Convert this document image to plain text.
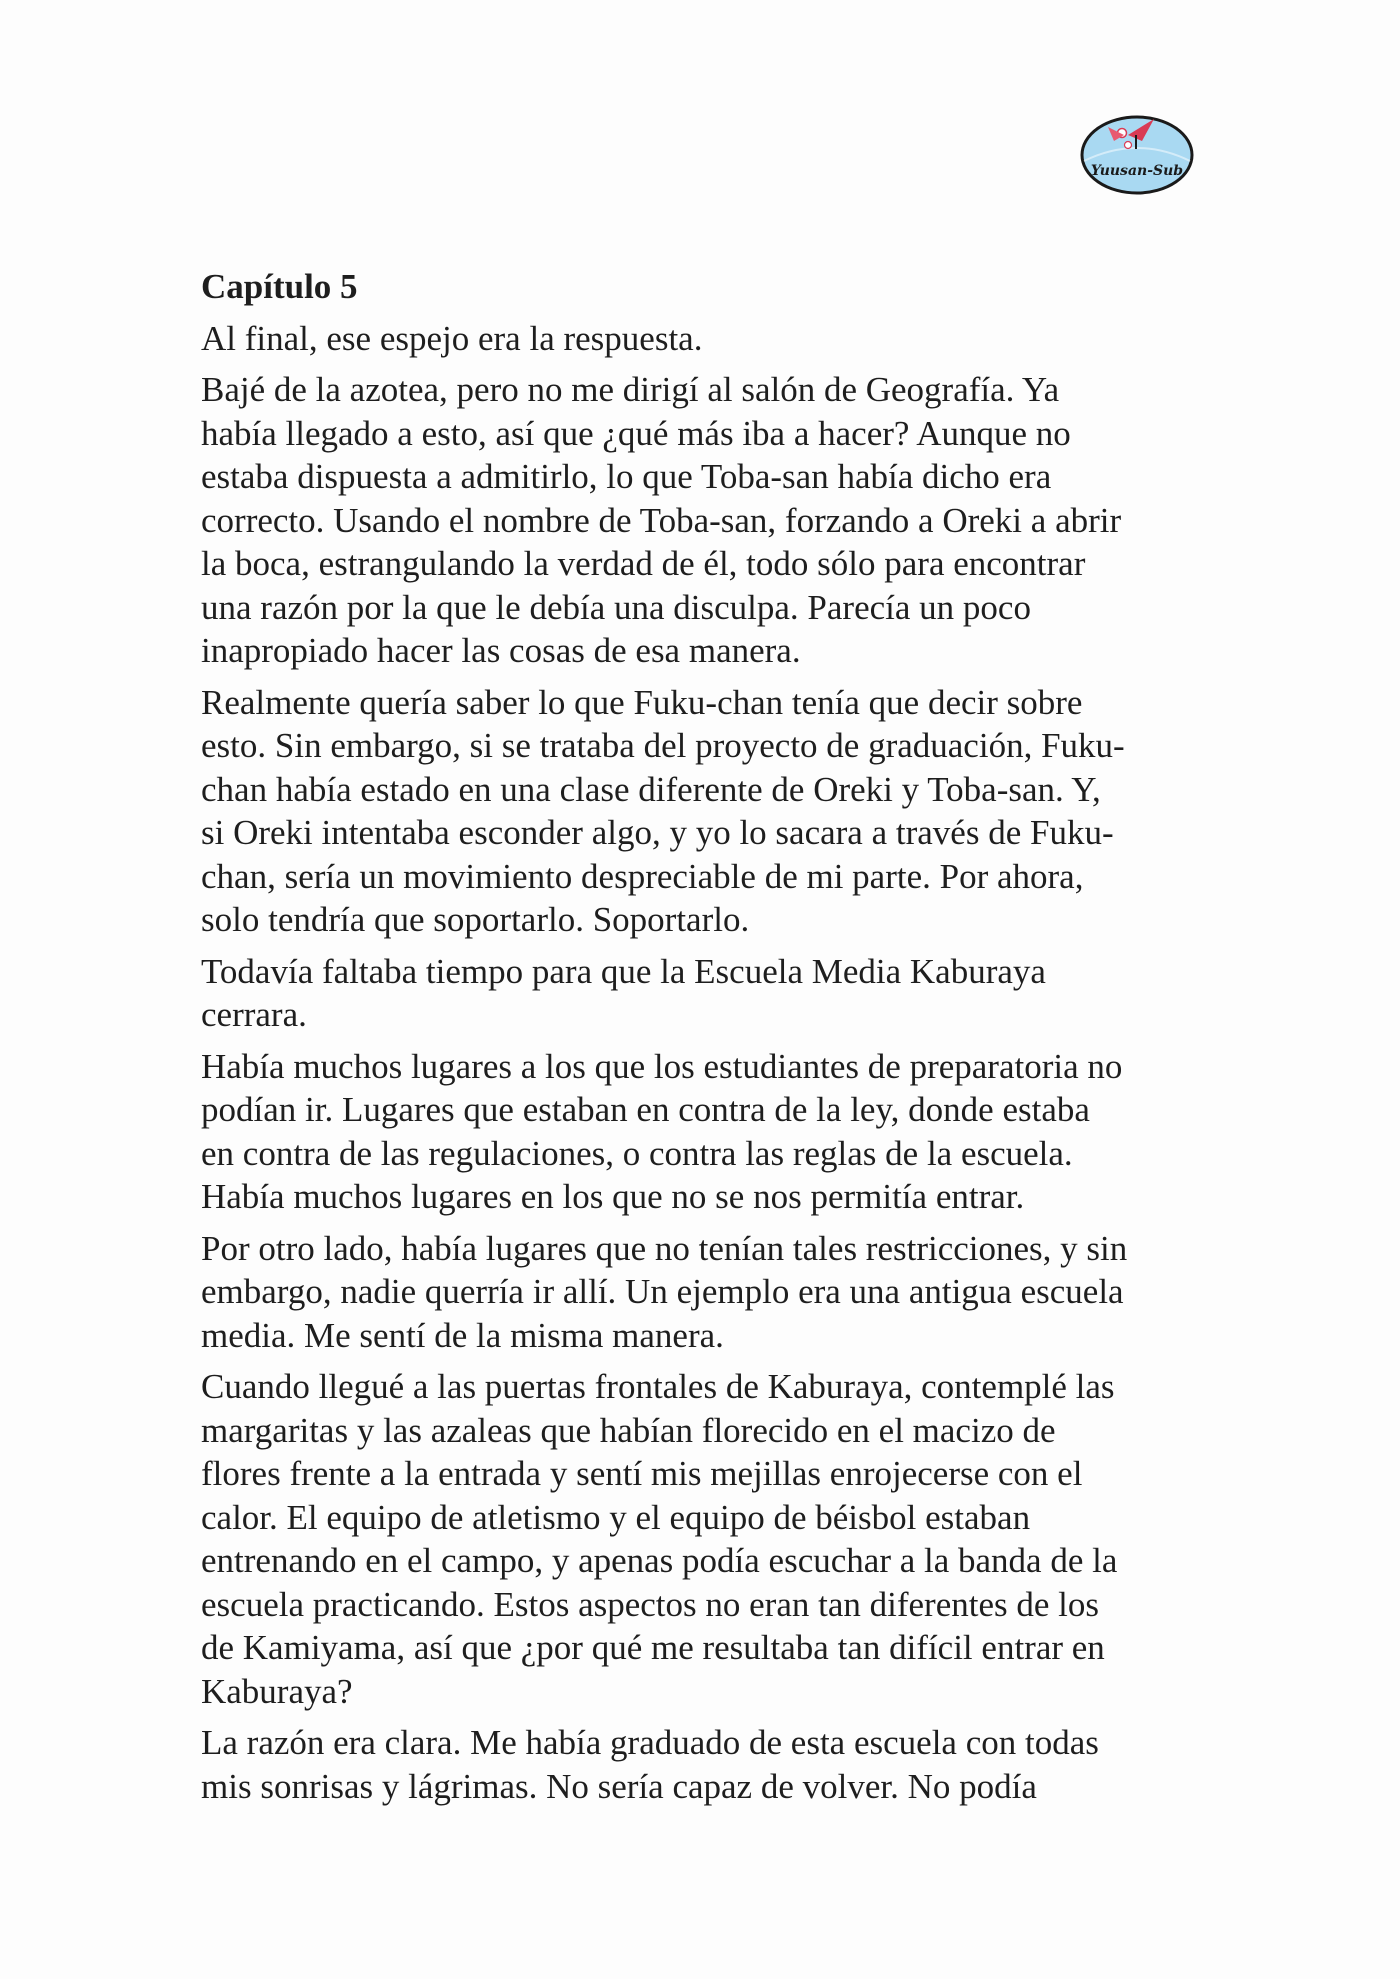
Yuusan-Sub
Capítulo 5
Al final, ese espejo era la respuesta.
Bajé de la azotea, pero no me dirigí al salón de Geografía. Ya
había llegado a esto, así que ¿qué más iba a hacer? Aunque no
estaba dispuesta a admitirlo, lo que Toba-san había dicho era
correcto. Usando el nombre de Toba-san, forzando a Oreki a abrir
la boca, estrangulando la verdad de él, todo sólo para encontrar
una razón por la que le debía una disculpa. Parecía un poco
inapropiado hacer las cosas de esa manera.
Realmente quería saber lo que Fuku-chan tenía que decir sobre
esto. Sin embargo, si se trataba del proyecto de graduación, Fuku-
chan había estado en una clase diferente de Oreki y Toba-san. Y,
si Oreki intentaba esconder algo, y yo lo sacara a través de Fuku-
chan, sería un movimiento despreciable de mi parte. Por ahora,
solo tendría que soportarlo. Soportarlo.
Todavía faltaba tiempo para que la Escuela Media Kaburaya
cerrara.
Había muchos lugares a los que los estudiantes de preparatoria no
podían ir. Lugares que estaban en contra de la ley, donde estaba
en contra de las regulaciones, o contra las reglas de la escuela.
Había muchos lugares en los que no se nos permitía entrar.
Por otro lado, había lugares que no tenían tales restricciones, y sin
embargo, nadie querría ir allí. Un ejemplo era una antigua escuela
media. Me sentí de la misma manera.
Cuando llegué a las puertas frontales de Kaburaya, contemplé las
margaritas y las azaleas que habían florecido en el macizo de
flores frente a la entrada y sentí mis mejillas enrojecerse con el
calor. El equipo de atletismo y el equipo de béisbol estaban
entrenando en el campo, y apenas podía escuchar a la banda de la
escuela practicando. Estos aspectos no eran tan diferentes de los
de Kamiyama, así que ¿por qué me resultaba tan difícil entrar en
Kaburaya?
La razón era clara. Me había graduado de esta escuela con todas
mis sonrisas y lágrimas. No sería capaz de volver. No podía
